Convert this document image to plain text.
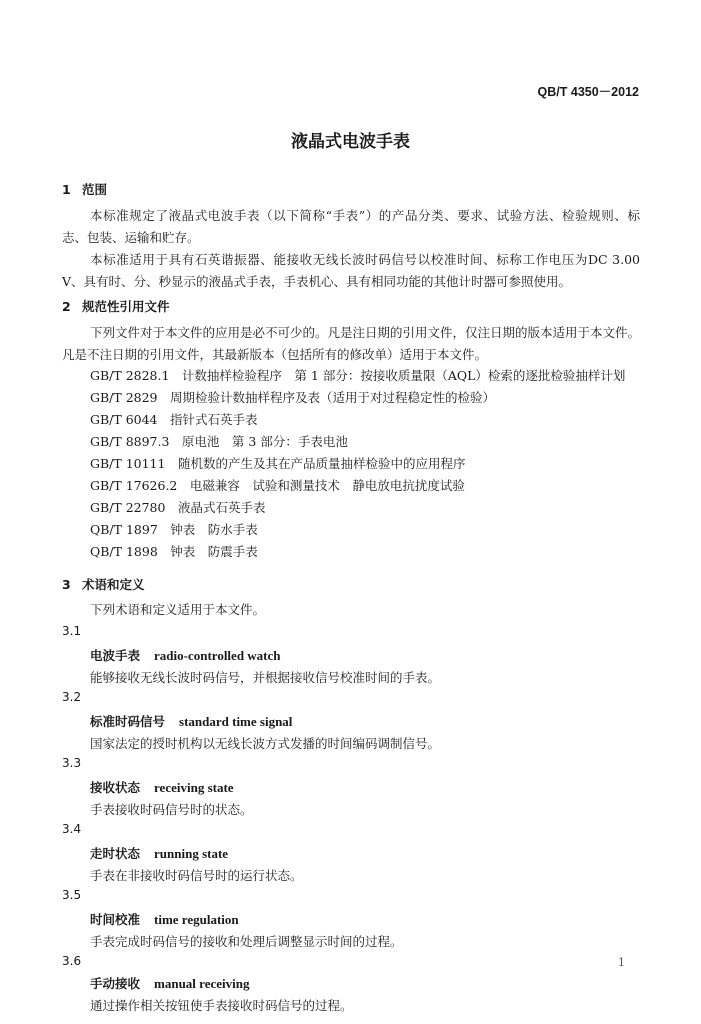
QB/T 4350－2012
液晶式电波手表
1 范围
本标准规定了液晶式电波手表（以下简称“手表”）的产品分类、要求、试验方法、检验规则、标志、包装、运输和贮存。
本标准适用于具有石英谐振器、能接收无线长波时码信号以校准时间、标称工作电压为DC 3.00 V、具有时、分、秒显示的液晶式手表，手表机心、具有相同功能的其他计时器可参照使用。
2 规范性引用文件
下列文件对于本文件的应用是必不可少的。凡是注日期的引用文件，仅注日期的版本适用于本文件。凡是不注日期的引用文件，其最新版本（包括所有的修改单）适用于本文件。
GB/T 2828.1　计数抽样检验程序　第 1 部分：按接收质量限（AQL）检索的逐批检验抽样计划
GB/T 2829　周期检验计数抽样程序及表（适用于对过程稳定性的检验）
GB/T 6044　指针式石英手表
GB/T 8897.3　原电池　第 3 部分：手表电池
GB/T 10111　随机数的产生及其在产品质量抽样检验中的应用程序
GB/T 17626.2　电磁兼容　试验和测量技术　静电放电抗扰度试验
GB/T 22780　液晶式石英手表
QB/T 1897　钟表　防水手表
QB/T 1898　钟表　防震手表
3 术语和定义
下列术语和定义适用于本文件。
3.1
电波手表 radio-controlled watch
能够接收无线长波时码信号，并根据接收信号校准时间的手表。
3.2
标准时码信号 standard time signal
国家法定的授时机构以无线长波方式发播的时间编码调制信号。
3.3
接收状态 receiving state
手表接收时码信号时的状态。
3.4
走时状态 running state
手表在非接收时码信号时的运行状态。
3.5
时间校准 time regulation
手表完成时码信号的接收和处理后调整显示时间的过程。
3.6
手动接收 manual receiving
通过操作相关按钮使手表接收时码信号的过程。
1
